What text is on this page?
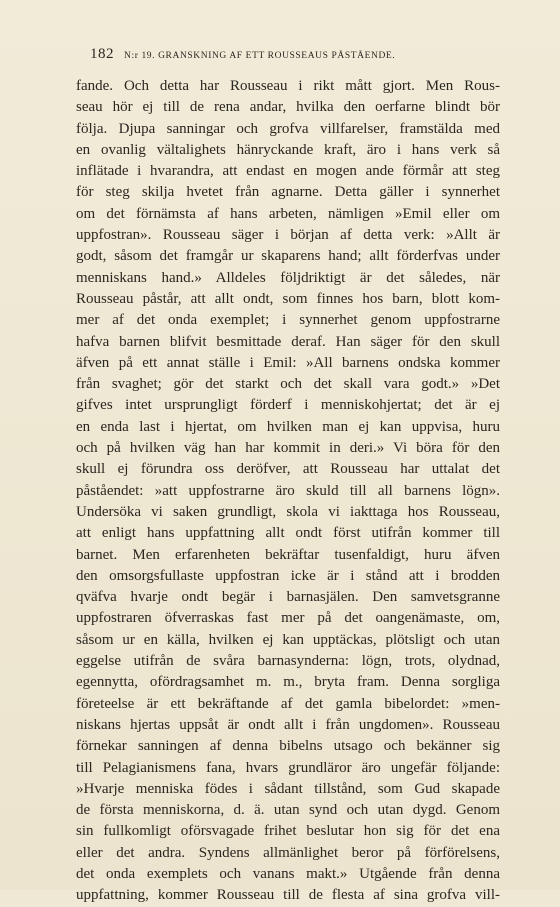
182 N:r 19. GRANSKNING AF ETT ROUSSEAUS PÅSTÅENDE.
fande. Och detta har Rousseau i rikt mått gjort. Men Rous-
seau hör ej till de rena andar, hvilka den oerfarne blindt bör
följa. Djupa sanningar och grofva villfarelser, framstälda med
en ovanlig vältalighets hänryckande kraft, äro i hans verk så
inflätade i hvarandra, att endast en mogen ande förmår att steg
för steg skilja hvetet från agnarne. Detta gäller i synnerhet
om det förnämsta af hans arbeten, nämligen »Emil eller om
uppfostran». Rousseau säger i början af detta verk: »Allt är
godt, såsom det framgår ur skaparens hand; allt förderfvas under
menniskans hand.» Alldeles följdriktigt är det således, när
Rousseau påstår, att allt ondt, som finnes hos barn, blott kom-
mer af det onda exemplet; i synnerhet genom uppfostrarne
hafva barnen blifvit besmittade deraf. Han säger för den skull
äfven på ett annat ställe i Emil: »All barnens ondska kommer
från svaghet; gör det starkt och det skall vara godt.» »Det
gifves intet ursprungligt förderf i menniskohjertat; det är ej
en enda last i hjertat, om hvilken man ej kan uppvisa, huru
och på hvilken väg han har kommit in deri.» Vi böra för den
skull ej förundra oss deröfver, att Rousseau har uttalat det
påståendet: »att uppfostrarne äro skuld till all barnens lögn».
Undersöka vi saken grundligt, skola vi iakttaga hos Rousseau,
att enligt hans uppfattning allt ondt först utifrån kommer till
barnet. Men erfarenheten bekräftar tusenfaldigt, huru äfven
den omsorgsfullaste uppfostran icke är i stånd att i brodden
qväfva hvarje ondt begär i barnasjälen. Den samvetsgranne
uppfostraren öfverraskas fast mer på det oangenämaste, om,
såsom ur en källa, hvilken ej kan upptäckas, plötsligt och utan
eggelse utifrån de svåra barnasynderna: lögn, trots, olydnad,
egennytta, ofördragsamhet m. m., bryta fram. Denna sorgliga
företeelse är ett bekräftande af det gamla bibelordet: »men-
niskans hjertas uppsåt är ondt allt i från ungdomen». Rousseau
förnekar sanningen af denna bibelns utsago och bekänner sig
till Pelagianismens fana, hvars grundläror äro ungefär följande:
»Hvarje menniska födes i sådant tillstånd, som Gud skapade
de första menniskorna, d. ä. utan synd och utan dygd. Genom
sin fullkomligt oförsvagade frihet beslutar hon sig för det ena
eller det andra. Syndens allmänlighet beror på förförelsens,
det onda exemplets och vanans makt.» Utgående från denna
uppfattning, kommer Rousseau till de flesta af sina grofva vill-
